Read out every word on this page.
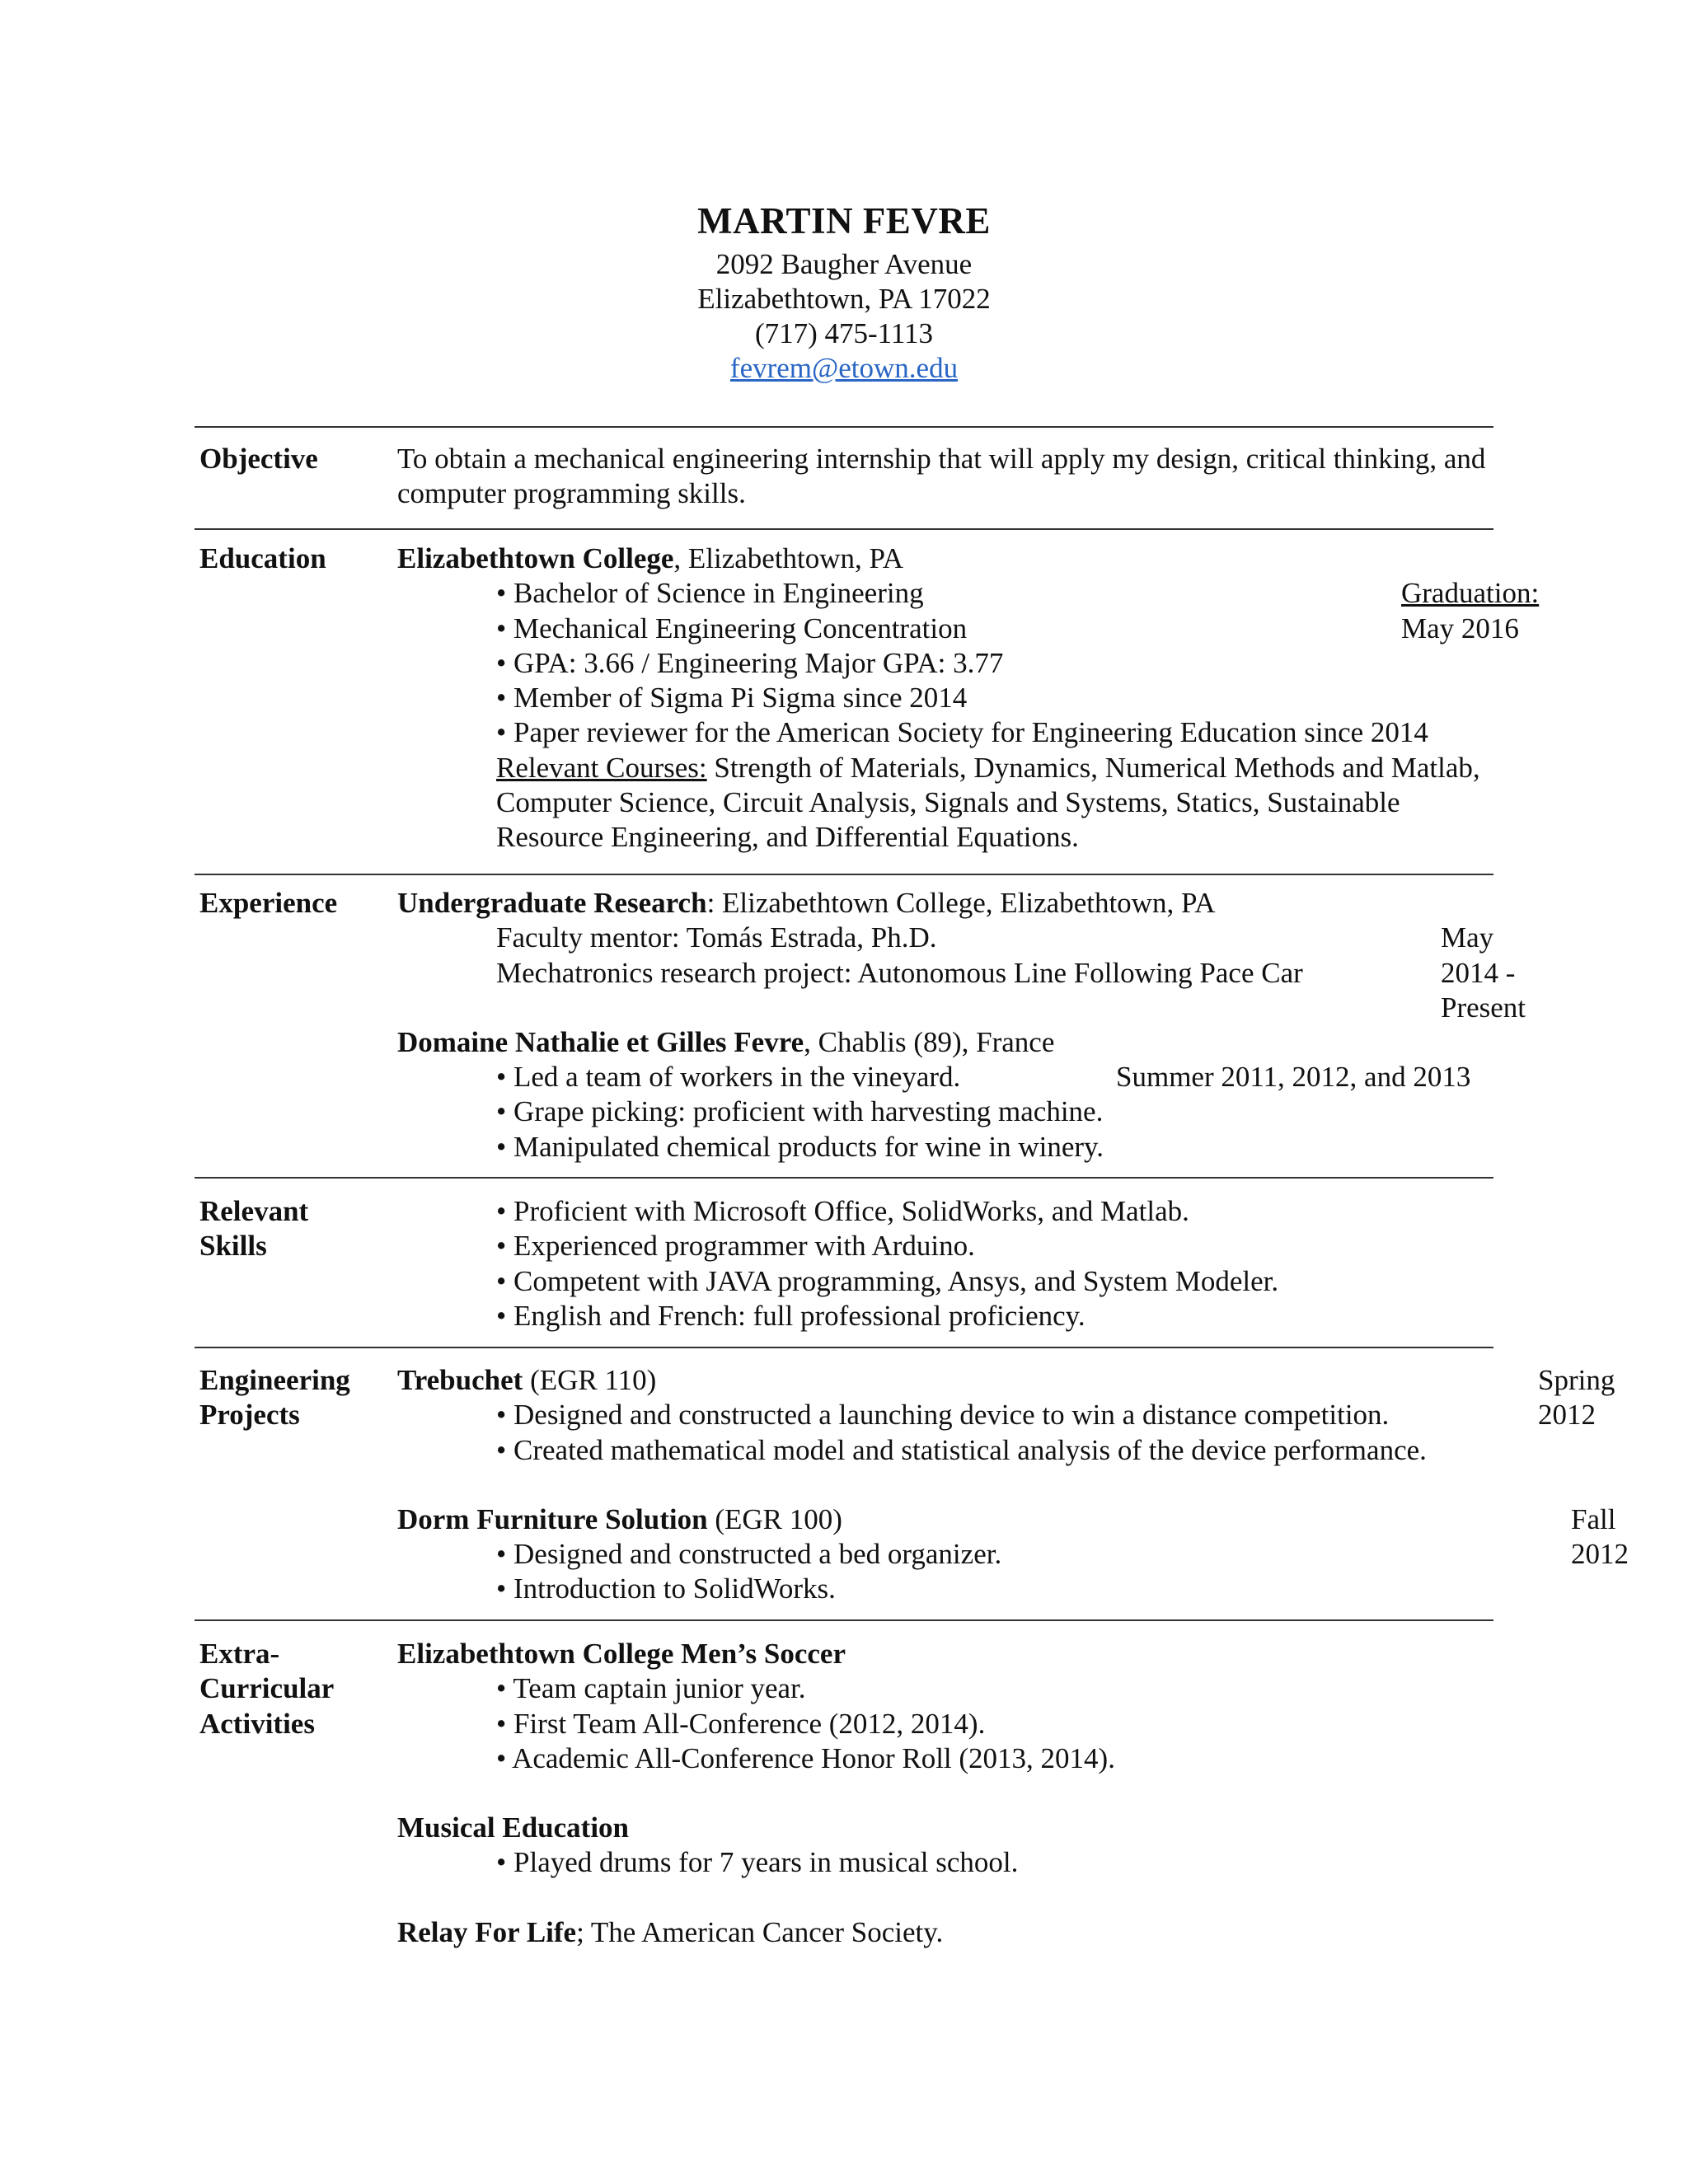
MARTIN FEVRE
2092 Baugher Avenue
Elizabethtown, PA 17022
(717) 475-1113
fevrem@etown.edu
Objective	To obtain a mechanical engineering internship that will apply my design, critical thinking, and computer programming skills.
Education Elizabethtown College, Elizabethtown, PA
• Bachelor of Science in Engineering	Graduation: May 2016
• Mechanical Engineering Concentration
• GPA: 3.66 / Engineering Major GPA: 3.77
• Member of Sigma Pi Sigma since 2014
• Paper reviewer for the American Society for Engineering Education since 2014
Relevant Courses: Strength of Materials, Dynamics, Numerical Methods and Matlab, Computer Science, Circuit Analysis, Signals and Systems, Statics, Sustainable Resource Engineering, and Differential Equations.
Experience Undergraduate Research: Elizabethtown College, Elizabethtown, PA
Faculty mentor: Tomás Estrada, Ph.D.	May 2014 - Present
Mechatronics research project: Autonomous Line Following Pace Car
Domaine Nathalie et Gilles Fevre, Chablis (89), France
• Led a team of workers in the vineyard.	Summer 2011, 2012, and 2013
• Grape picking: proficient with harvesting machine.
• Manipulated chemical products for wine in winery.
Relevant
Skills
• Proficient with Microsoft Office, SolidWorks, and Matlab.
• Experienced programmer with Arduino.
• Competent with JAVA programming, Ansys, and System Modeler.
• English and French: full professional proficiency.
Engineering
Projects
Trebuchet (EGR 110)	Spring 2012
• Designed and constructed a launching device to win a distance competition.
• Created mathematical model and statistical analysis of the device performance.
Dorm Furniture Solution (EGR 100)	Fall 2012
• Designed and constructed a bed organizer.
• Introduction to SolidWorks.
Extra-
Curricular
Activities
Elizabethtown College Men’s Soccer
• Team captain junior year.
• First Team All-Conference (2012, 2014).
• Academic All-Conference Honor Roll (2013, 2014).
Musical Education
• Played drums for 7 years in musical school.
Relay For Life; The American Cancer Society.
